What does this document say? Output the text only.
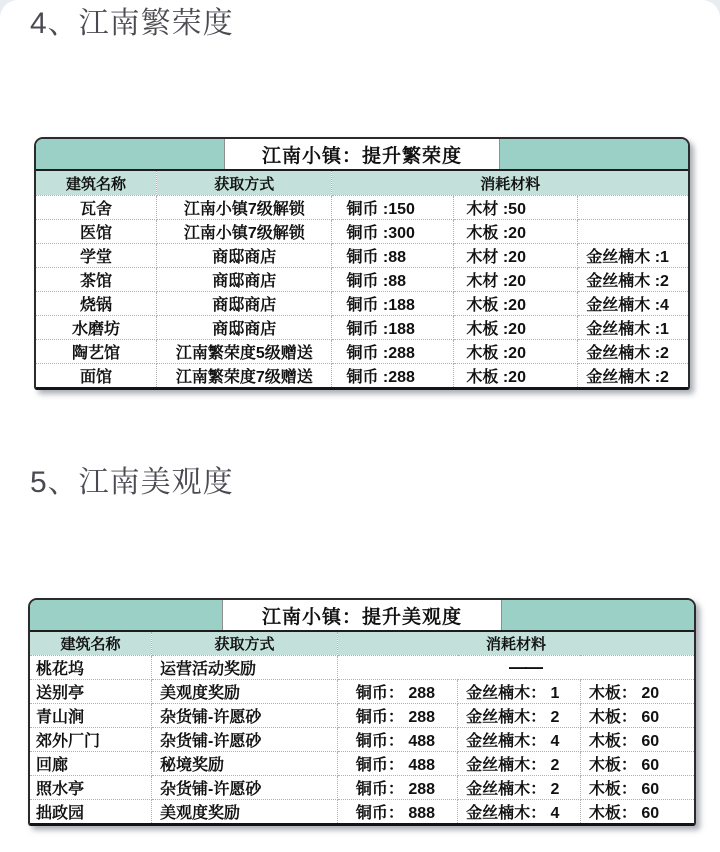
4、江南繁荣度
江南小镇：提升繁荣度
建筑名称	获取方式	消耗材料		
瓦舍	江南小镇7级解锁	铜币 :150	木材 :50	
医馆	江南小镇7级解锁	铜币 :300	木板 :20	
学堂	商邸商店	铜币 :88	木材 :20	金丝楠木 :1
茶馆	商邸商店	铜币 :88	木材 :20	金丝楠木 :2
烧锅	商邸商店	铜币 :188	木板 :20	金丝楠木 :4
水磨坊	商邸商店	铜币 :188	木板 :20	金丝楠木 :1
陶艺馆	江南繁荣度5级赠送	铜币 :288	木板 :20	金丝楠木 :2
面馆	江南繁荣度7级赠送	铜币 :288	木板 :20	金丝楠木 :2
5、江南美观度
江南小镇：提升美观度
建筑名称	获取方式	消耗材料		
桃花坞	运营活动奖励	——		
送别亭	美观度奖励	铜币： 288	金丝楠木： 1	木板： 20
青山涧	杂货铺-许愿砂	铜币： 288	金丝楠木： 2	木板： 60
郊外厂门	杂货铺-许愿砂	铜币： 488	金丝楠木： 4	木板： 60
回廊	秘境奖励	铜币： 488	金丝楠木： 2	木板： 60
照水亭	杂货铺-许愿砂	铜币： 288	金丝楠木： 2	木板： 60
拙政园	美观度奖励	铜币： 888	金丝楠木： 4	木板： 60
